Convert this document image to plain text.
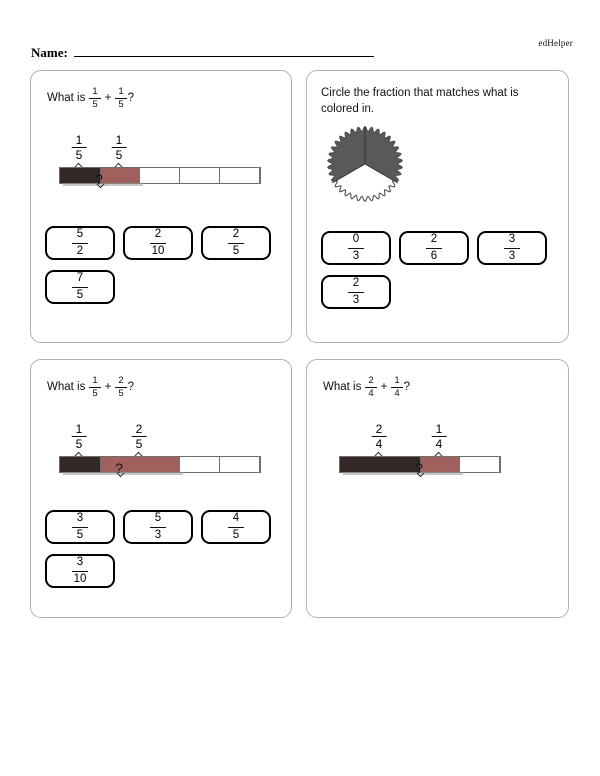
edHelper
Name:
What is $\frac{1}{5} + \frac{1}{5}$ ?
$\frac{1}{5} \frac{1}{5}$
?
$\frac{5}{2}$	$\frac{2}{10}$	$\frac{2}{5}$
$\frac{7}{5}$
Circle the fraction that matches what is colored in.
$\frac{0}{3}$	$\frac{2}{6}$	$\frac{3}{3}$
$\frac{2}{3}$
What is $\frac{1}{5} + \frac{2}{5}$ ?
$\frac{1}{5}$	$\frac{2}{5}$
?
$\frac{3}{5}$	$\frac{5}{3}$	$\frac{4}{5}$
$\frac{3}{10}$
What is $\frac{2}{4} + \frac{1}{4}$ ?
$\frac{2}{4}$	$\frac{1}{4}$
?
